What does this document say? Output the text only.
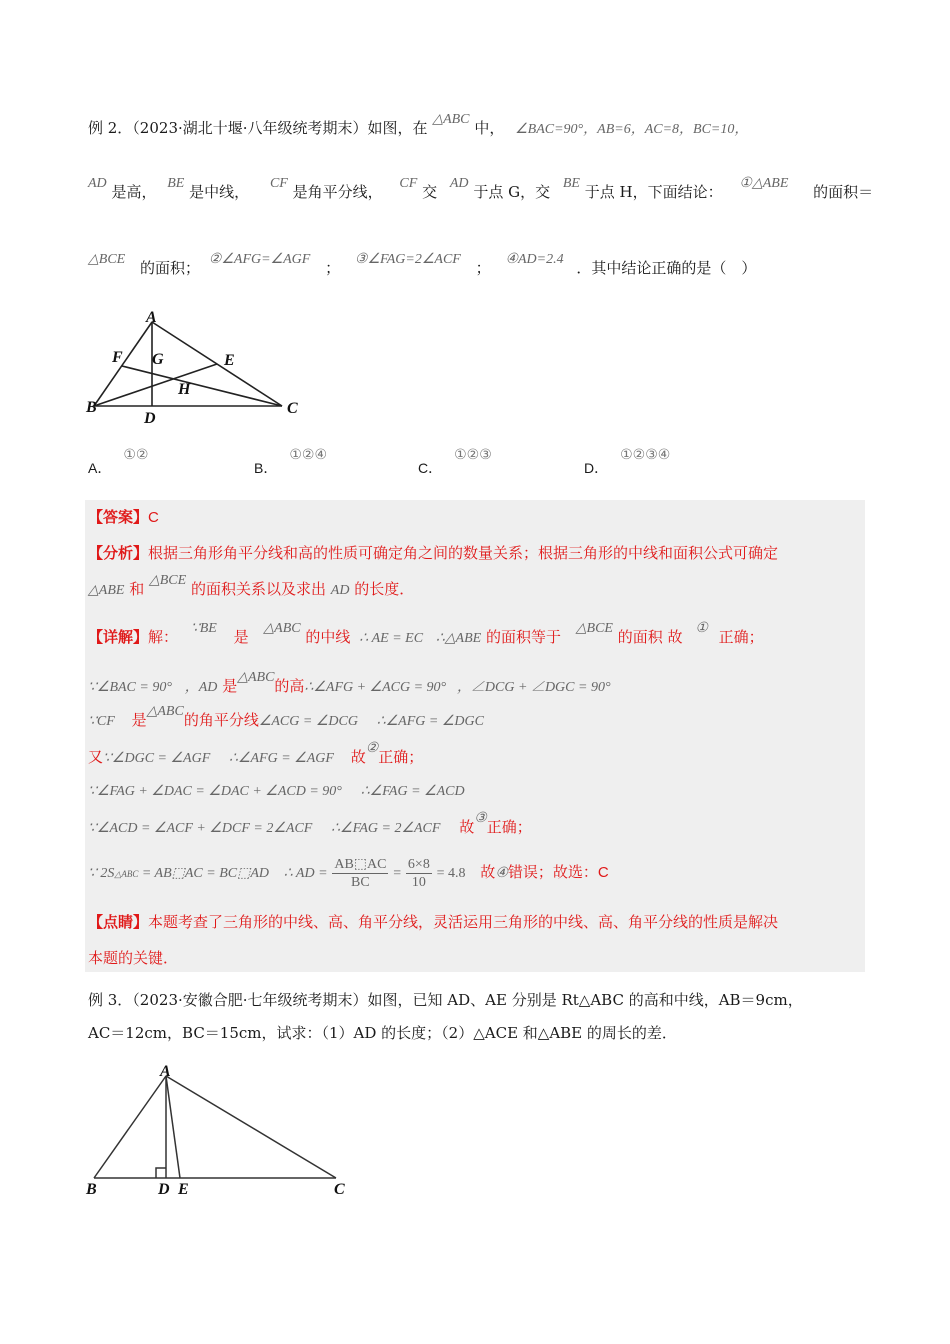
例 2．（2023·湖北十堰·八年级统考期末）如图，在 △ABC 中， ∠BAC=90°，AB=6，AC=8，BC=10，
AD 是高， BE 是中线， CF 是角平分线， CF 交 AD 于点 G，交 BE 于点 H，下面结论： ①△ABE 的面积＝
△BCE 的面积； ②∠AFG=∠AGF ； ③∠FAG=2∠ACF ； ④AD=2.4 ．其中结论正确的是（　）
A
B	C
D
E
F G
H
A．①②
B．①②④
C．①②③
D．①②③④
【答案】C
【分析】根据三角形角平分线和高的性质可确定角之间的数量关系；根据三角形的中线和面积公式可确定
△ABE 和 △BCE 的面积关系以及求出 AD 的长度．
【详解】解： ∵BE 是 △ABC 的中线 ∴ AE = EC ∴△ABE 的面积等于 △BCE 的面积 故 ① 正确；
∵∠BAC = 90° ，AD 是△ABC的高∴∠AFG + ∠ACG = 90° ，∠DCG + ∠DGC = 90°
∵CF 是△ABC的角平分线∠ACG = ∠DCG ∴∠AFG = ∠DGC
又∵∠DGC = ∠AGF ∴∠AFG = ∠AGF 故②正确；
∵∠FAG + ∠DAC = ∠DAC + ∠ACD = 90° ∴∠FAG = ∠ACD
∵∠ACD = ∠ACF + ∠DCF = 2∠ACF ∴∠FAG = 2∠ACF 故③正确；
∵ 2S△ABC = AB⬚AC = BC⬚AD ∴ AD = $\frac{AB⬚AC}{BC} = \frac{6\times 8}{10} = 4.8$ 故④错误；故选：C
【点睛】本题考查了三角形的中线、高、角平分线，灵活运用三角形的中线、高、角平分线的性质是解决
本题的关键．
例 3．（2023·安徽合肥·七年级统考期末）如图，已知 AD、AE 分别是 Rt△ABC 的高和中线，AB＝9cm，
AC＝12cm，BC＝15cm，试求：（1）AD 的长度；（2）△ACE 和△ABE 的周长的差．
A
B	C
D E
